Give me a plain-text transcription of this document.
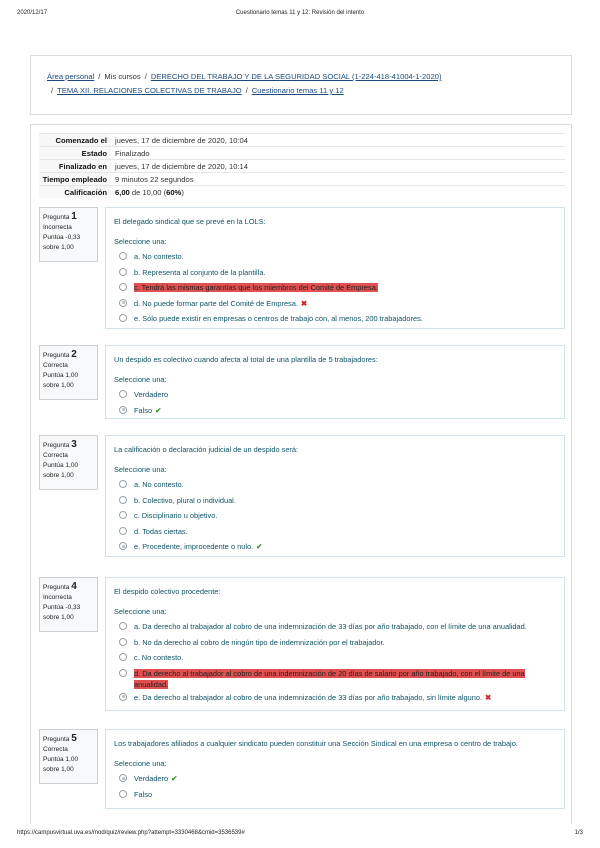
2020/12/17	Cuestionario temas 11 y 12: Revisión del intento
Área personal / Mis cursos / DERECHO DEL TRABAJO Y DE LA SEGURIDAD SOCIAL (1-224-418-41004-1-2020)
/ TEMA XII. RELACIONES COLECTIVAS DE TRABAJO / Cuestionario temas 11 y 12
Comenzado el	jueves, 17 de diciembre de 2020, 10:04
Estado	Finalizado
Finalizado en	jueves, 17 de diciembre de 2020, 10:14
Tiempo empleado	9 minutos 22 segundos
Calificación	6,00 de 10,00 (60%)
Pregunta 1
Incorrecta
Puntúa -0,33
sobre 1,00
El delegado sindical que se prevé en la LOLS:
Seleccione una:
a. No contesto.
b. Representa al conjunto de la plantilla.
c. Tendrá las mismas garantías que los miembros del Comité de Empresa.
d. No puede formar parte del Comité de Empresa. ✖
e. Sólo puede existir en empresas o centros de trabajo con, al menos, 200 trabajadores.
Pregunta 2
Correcta
Puntúa 1,00
sobre 1,00
Un despido es colectivo cuando afecta al total de una plantilla de 5 trabajadores:
Seleccione una:
Verdadero
Falso ✔
Pregunta 3
Correcta
Puntúa 1,00
sobre 1,00
La calificación o declaración judicial de un despido será:
Seleccione una:
a. No contesto.
b. Colectivo, plural o individual.
c. Disciplinario u objetivo.
d. Todas ciertas.
e. Procedente, improcedente o nulo. ✔
Pregunta 4
Incorrecta
Puntúa -0,33
sobre 1,00
El despido colectivo procedente:
Seleccione una:
a. Da derecho al trabajador al cobro de una indemnización de 33 días por año trabajado, con el límite de una anualidad.
b. No da derecho al cobro de ningún tipo de indemnización por el trabajador.
c. No contesto.
d. Da derecho al trabajador al cobro de una indemnización de 20 días de salario por año trabajado, con el límite de una anualidad.
e. Da derecho al trabajador al cobro de una indemnización de 33 días por año trabajado, sin límite alguno. ✖
Pregunta 5
Correcta
Puntúa 1,00
sobre 1,00
Los trabajadores afiliados a cualquier sindicato pueden constituir una Sección Sindical en una empresa o centro de trabajo.
Seleccione una:
Verdadero ✔
Falso
https://campusvirtual.uva.es/mod/quiz/review.php?attempt=3330468&cmid=3536539#	1/3
